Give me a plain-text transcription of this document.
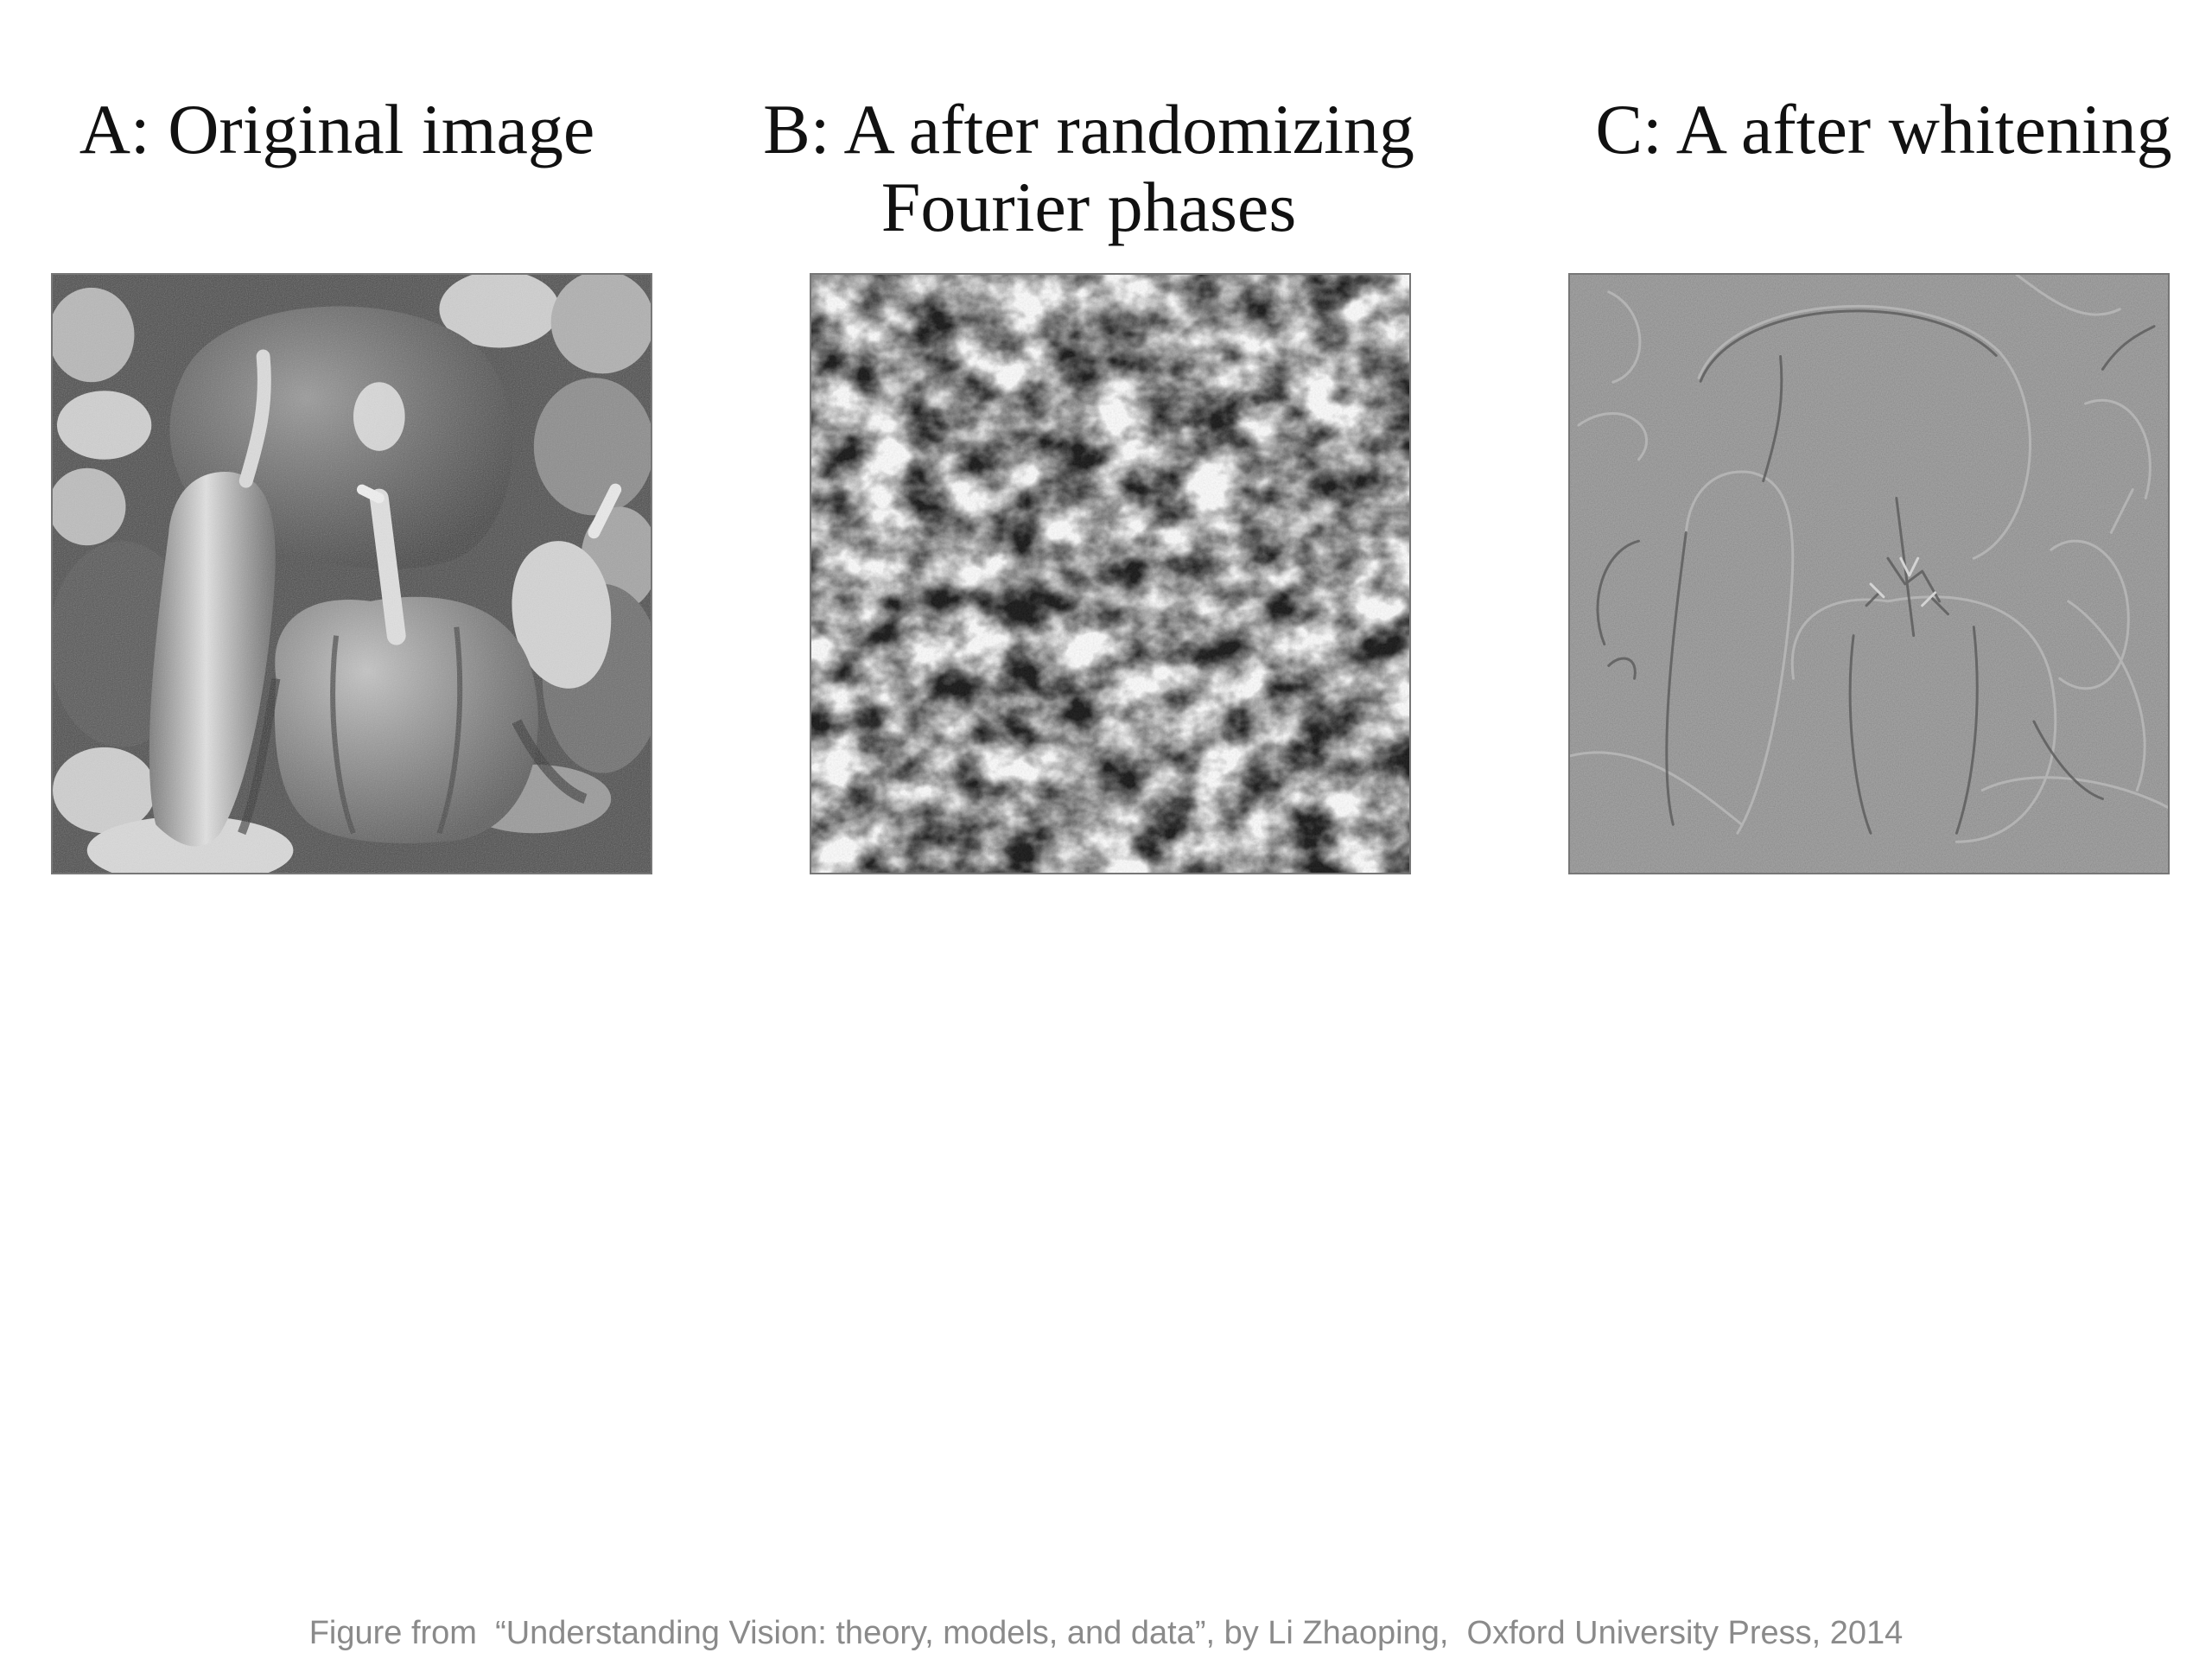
A: Original image	B: A after randomizing
Fourier phases
C: A after whitening
Figure from  “Understanding Vision: theory, models, and data”, by Li Zhaoping,  Oxford University Press, 2014
